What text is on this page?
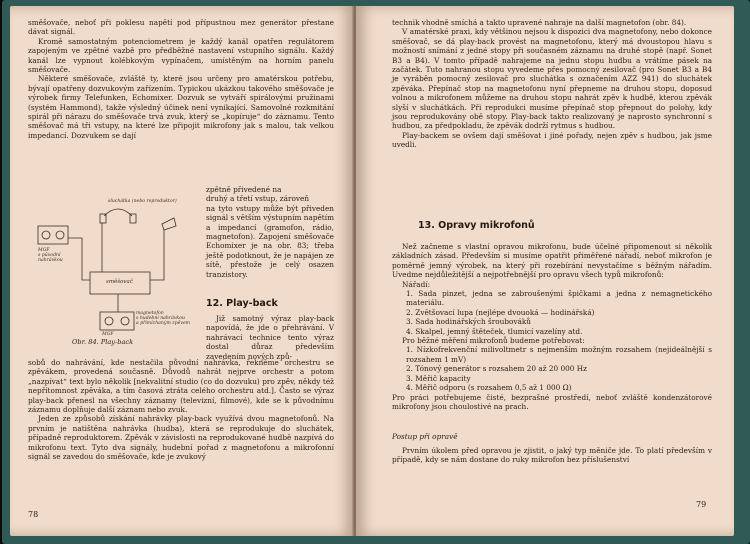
směšovače, neboť při poklesu napětí pod přípustnou mez generátor přestane dávat signál.

Kromě samostatným potenciometrem je každý kanál opatřen regulátorem zapojeným ve zpětné vazbě pro předběžné nastavení vstupního signálu. Každý kanál lze vypnout kolébkovým vypínačem, umístěným na horním panelu směšovače.

Některé směšovače, zvláště ty, které jsou určeny pro amatérskou potřebu, bývají opatřeny dozvukovým zařízením. Typickou ukázkou takového směšovače je výrobek firmy Telefunken, Echomixer. Dozvuk se vytváří spirálovými pružinami (systém Hammond), takže výsledný účinek není vynikající. Samovolné rozkmitání spirál při nárazu do směšovače trvá zvuk, který se „kopíruje“ do záznamu. Tento směšovač má tři vstupy, na které lze připojit mikrofony jak s malou, tak velkou impedancí. Dozvukem se dají

zpětně přivedené na

druhý a třetí vstup, zároveň

na tyto vstupy může být přiveden signál s větším výstupním napětím a impedancí (gramofon, rádio, magnetofon). Zapojení směšovače Echomixer je na obr. 83; třeba ještě podotknout, že je napájen ze sítě, přestože je celý osazen tranzistory.

12. Play-back

Již samotný výraz play-back napovídá, že jde o přehrávání. V nahrávací technice tento výraz dostal důraz především zavedením nových způ-

sluchátka (nebo reproduktor)

MGF
s původní
nahrávkou

směšovač

MGF

magnetofon
s hudební nahrávkou
a přimíchaným zpěvem

Obr. 84. Play-back

sobů do nahrávání, kde nestačila původní nahrávka, řekněme orchestru se zpěvákem, provedená současně. Důvodů nahrát nejprve orchestr a potom „nazpívat“ text bylo několik [nekvalitní studio (co do dozvuku) pro zpěv, někdy též nepřítomnost zpěváka, a tím časová ztráta celého orchestru atd.]. Často se výraz play-back přenesl na všechny záznamy (televizní, filmové), kde se k původnímu záznamu doplňuje další záznam nebo zvuk.

Jeden ze způsobů získání nahrávky play-back využívá dvou magnetofonů. Na prvním je natištěna nahrávka (hudba), která se reprodukuje do sluchátek, případně reproduktorem. Zpěvák v závislosti na reprodukované hudbě nazpívá do mikrofonu text. Tyto dva signály, hudební pořad z magnetofonu a mikrofonní signál se zavedou do směšovače, kde je zvukový

78

technik vhodně smíchá a takto upravené nahraje na další magnetofon (obr. 84).

V amatérské praxi, kdy většinou nejsou k dispozici dva magnetofony, nebo dokonce směšovač, se dá play-back provést na magnetofonu, který má dvoustopou hlavu s možností snímání z jedné stopy při současném záznamu na druhé stopě (např. Sonet B3 a B4). V tomto případě nahrajeme na jednu stopu hudbu a vrátíme pásek na začátek. Tuto nahranou stopu vyvedeme přes pomocný zesilovač (pro Sonet B3 a B4 je vyráběn pomocný zesilovač pro sluchátka s označením AZZ 941) do sluchátek zpěváka. Přepínač stop na magnetofonu nyní přepneme na druhou stopu, doposud volnou a mikrofonem můžeme na druhou stopu nahrát zpěv k hudbě, kterou zpěvák slyší v sluchátkách. Při reprodukci musíme přepínač stop přepnout do polohy, kdy jsou reprodukovány obě stopy. Play-back takto realizovaný je naprosto synchronní s hudbou, za předpokladu, že zpěvák dodrží rytmus s hudbou.

Play-backem se ovšem dají směšovat i jiné pořady, nejen zpěv s hudbou, jak jsme uvedli.

13. Opravy mikrofonů

Než začneme s vlastní opravou mikrofonu, bude účelné připomenout si několik základních zásad. Především si musíme opatřit přiměřené nářadí, neboť mikrofon je poměrně jemný výrobek, na který při rozebírání nevystačíme s běžným nářadím. Uvedme nejdůležitější a nejpotřebnější pro opravu všech typů mikrofonů:

Nářadí:

1. Sada pinzet, jedna se zabroušenými špičkami a jedna z nemagnetického materiálu.

2. Zvětšovací lupa (nejlépe dvouoká — hodinářská)

3. Sada hodinářských šroubováků

4. Skalpel, jemný štěteček, tlumicí vazelíny atd.

Pro běžné měření mikrofonů budeme potřebovat:

1. Nízkofrekvenční milivoltmetr s nejmenším možným rozsahem (nejideálnější s rozsahem 1 mV)

2. Tónový generátor s rozsahem 20 až 20 000 Hz

3. Měřič kapacity

4. Měřič odporu (s rozsahem 0,5 až 1 000 Ω)

Pro práci potřebujeme čisté, bezprašné prostředí, neboť zvláště kondenzátorové mikrofony jsou choulostivé na prach.

Postup při opravě

Prvním úkolem před opravou je zjistit, o jaký typ měniče jde. To platí především v případě, kdy se nám dostane do ruky mikrofon bez příslušenství

79
